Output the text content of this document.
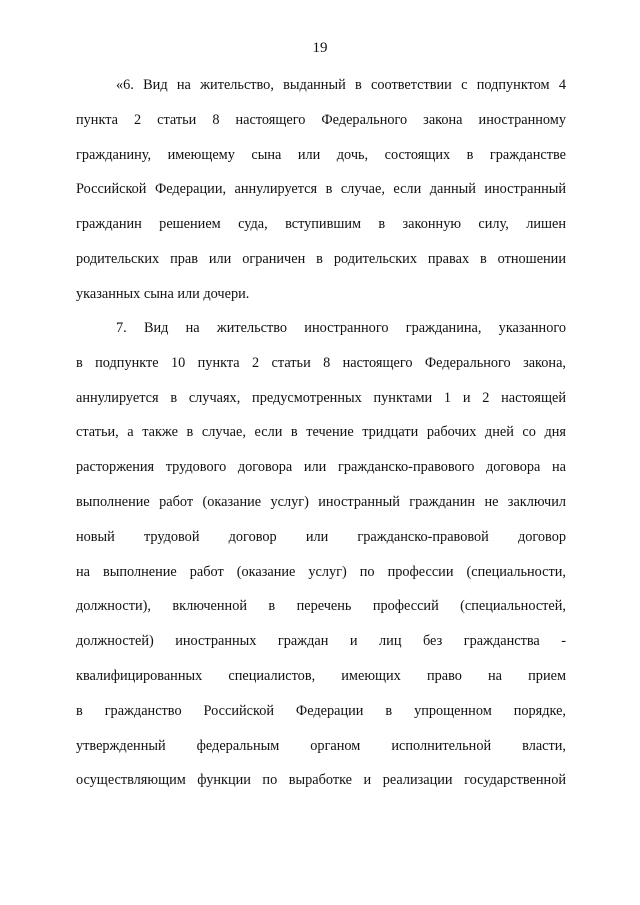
19
«6. Вид на жительство, выданный в соответствии с подпунктом 4
пункта 2 статьи 8 настоящего Федерального закона иностранному
гражданину, имеющему сына или дочь, состоящих в гражданстве
Российской Федерации, аннулируется в случае, если данный иностранный
гражданин решением суда, вступившим в законную силу, лишен
родительских прав или ограничен в родительских правах в отношении
указанных сына или дочери.
7. Вид на жительство иностранного гражданина, указанного
в подпункте 10 пункта 2 статьи 8 настоящего Федерального закона,
аннулируется в случаях, предусмотренных пунктами 1 и 2 настоящей
статьи, а также в случае, если в течение тридцати рабочих дней со дня
расторжения трудового договора или гражданско-правового договора на
выполнение работ (оказание услуг) иностранный гражданин не заключил
новый трудовой договор или гражданско-правовой договор
на выполнение работ (оказание услуг) по профессии (специальности,
должности), включенной в перечень профессий (специальностей,
должностей) иностранных граждан и лиц без гражданства -
квалифицированных специалистов, имеющих право на прием
в гражданство Российской Федерации в упрощенном порядке,
утвержденный федеральным органом исполнительной власти,
осуществляющим функции по выработке и реализации государственной
